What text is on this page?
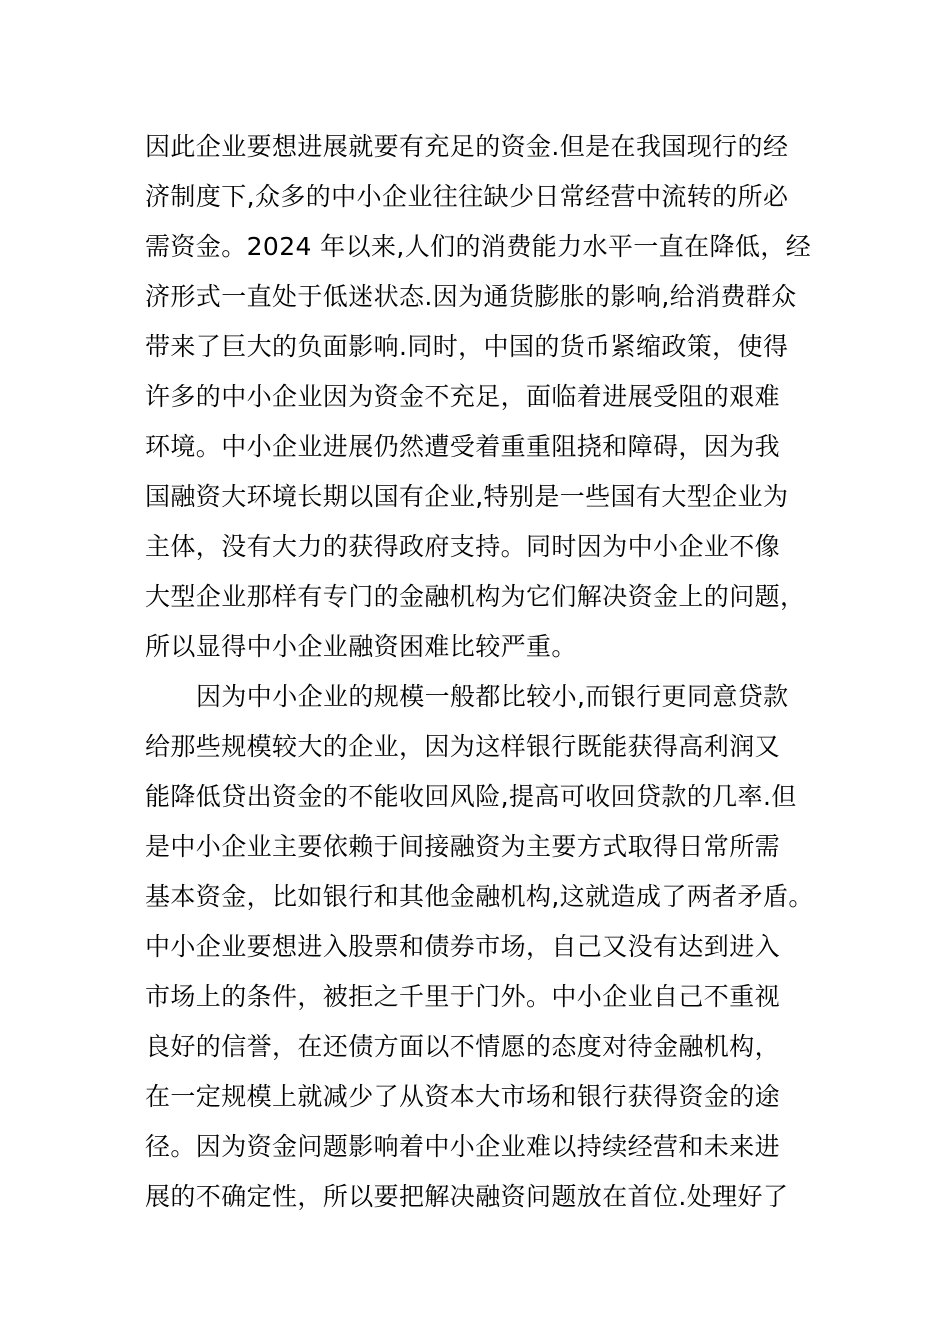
因此企业要想进展就要有充足的资金.但是在我国现行的经
济制度下,众多的中小企业往往缺少日常经营中流转的所必
需资金。2024 年以来,人们的消费能力水平一直在降低，经
济形式一直处于低迷状态.因为通货膨胀的影响,给消费群众
带来了巨大的负面影响.同时，中国的货币紧缩政策，使得
许多的中小企业因为资金不充足，面临着进展受阻的艰难
环境。中小企业进展仍然遭受着重重阻挠和障碍，因为我
国融资大环境长期以国有企业,特别是一些国有大型企业为
主体，没有大力的获得政府支持。同时因为中小企业不像
大型企业那样有专门的金融机构为它们解决资金上的问题，
所以显得中小企业融资困难比较严重。
因为中小企业的规模一般都比较小,而银行更同意贷款
给那些规模较大的企业，因为这样银行既能获得高利润又
能降低贷出资金的不能收回风险,提高可收回贷款的几率.但
是中小企业主要依赖于间接融资为主要方式取得日常所需
基本资金，比如银行和其他金融机构,这就造成了两者矛盾。
中小企业要想进入股票和债券市场，自己又没有达到进入
市场上的条件，被拒之千里于门外。中小企业自己不重视
良好的信誉，在还债方面以不情愿的态度对待金融机构，
在一定规模上就减少了从资本大市场和银行获得资金的途
径。因为资金问题影响着中小企业难以持续经营和未来进
展的不确定性，所以要把解决融资问题放在首位.处理好了
